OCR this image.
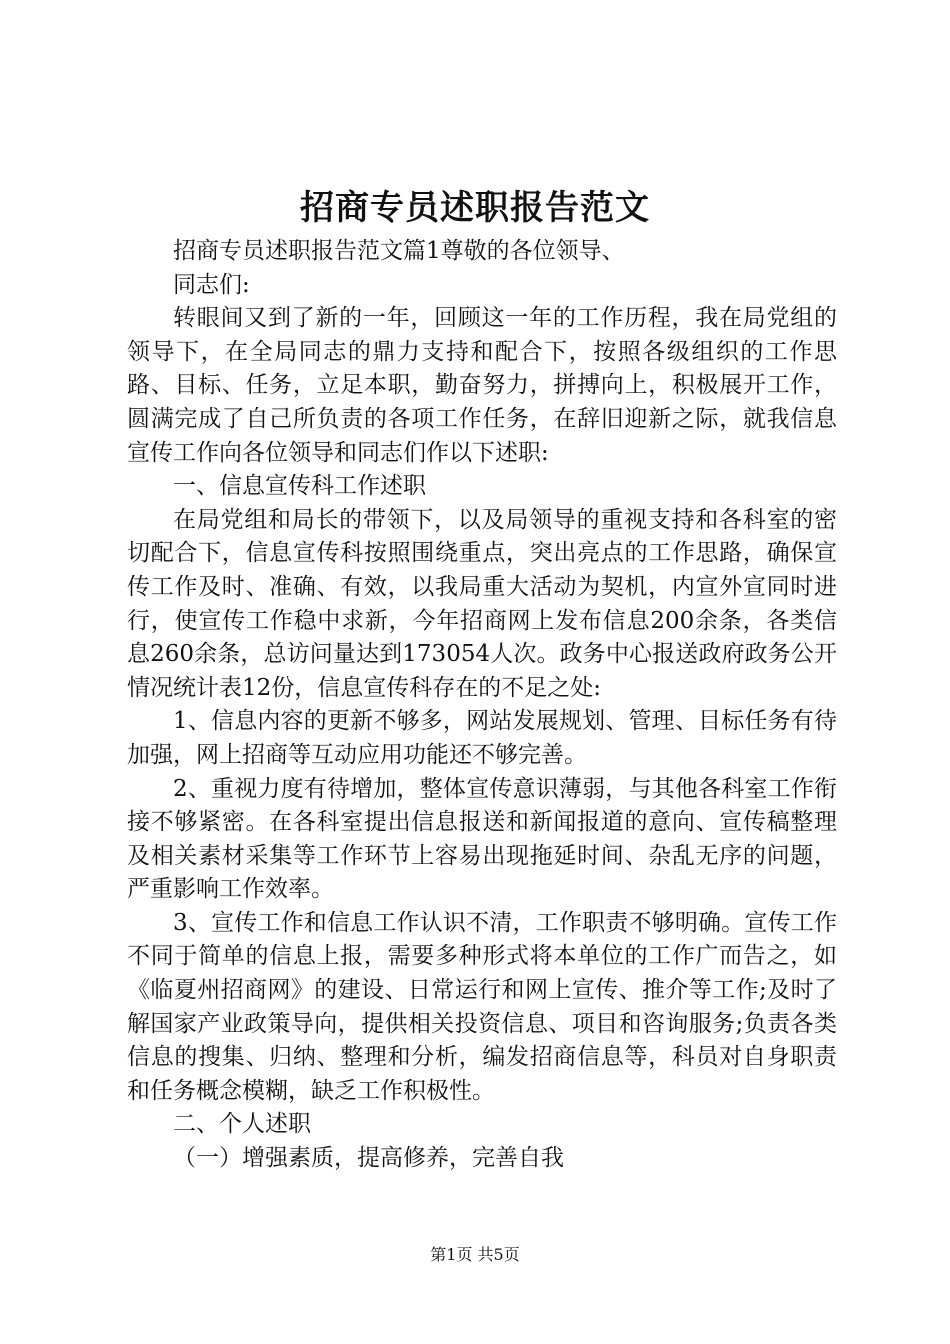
招商专员述职报告范文

招商专员述职报告范文篇1尊敬的各位领导、

同志们:

转眼间又到了新的一年，回顾这一年的工作历程，我在局党组的领导下，在全局同志的鼎力支持和配合下，按照各级组织的工作思路、目标、任务，立足本职，勤奋努力，拼搏向上，积极展开工作，圆满完成了自己所负责的各项工作任务，在辞旧迎新之际，就我信息宣传工作向各位领导和同志们作以下述职:

一、信息宣传科工作述职

在局党组和局长的带领下，以及局领导的重视支持和各科室的密切配合下，信息宣传科按照围绕重点，突出亮点的工作思路，确保宣传工作及时、准确、有效，以我局重大活动为契机，内宣外宣同时进行，使宣传工作稳中求新，今年招商网上发布信息200余条，各类信息260余条，总访问量达到173054人次。政务中心报送政府政务公开情况统计表12份，信息宣传科存在的不足之处:

1、信息内容的更新不够多，网站发展规划、管理、目标任务有待加强，网上招商等互动应用功能还不够完善。

2、重视力度有待增加，整体宣传意识薄弱，与其他各科室工作衔接不够紧密。在各科室提出信息报送和新闻报道的意向、宣传稿整理及相关素材采集等工作环节上容易出现拖延时间、杂乱无序的问题，严重影响工作效率。

3、宣传工作和信息工作认识不清，工作职责不够明确。宣传工作不同于简单的信息上报，需要多种形式将本单位的工作广而告之，如《临夏州招商网》的建设、日常运行和网上宣传、推介等工作;及时了解国家产业政策导向，提供相关投资信息、项目和咨询服务;负责各类信息的搜集、归纳、整理和分析，编发招商信息等，科员对自身职责和任务概念模糊，缺乏工作积极性。

二、个人述职

（一）增强素质，提高修养，完善自我

第1页 共5页
